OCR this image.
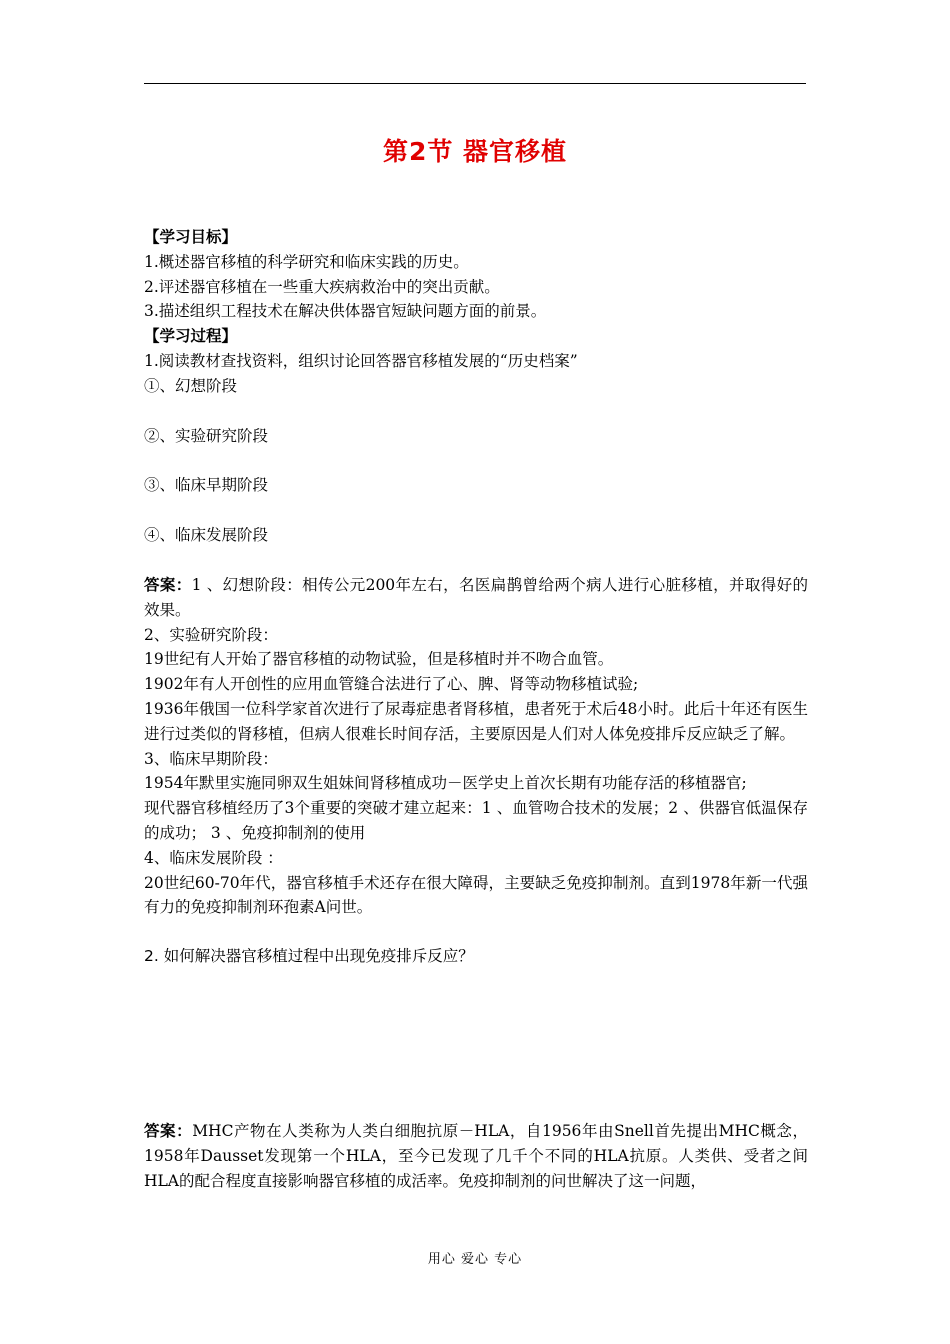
第2节 器官移植

【学习目标】

1.概述器官移植的科学研究和临床实践的历史。

2.评述器官移植在一些重大疾病救治中的突出贡献。

3.描述组织工程技术在解决供体器官短缺问题方面的前景。

【学习过程】

1.阅读教材查找资料，组织讨论回答器官移植发展的“历史档案”

①、幻想阶段

②、实验研究阶段

③、临床早期阶段

④、临床发展阶段

答案：1 、幻想阶段：相传公元200年左右，名医扁鹊曾给两个病人进行心脏移植，并取得好的效果。

2、实验研究阶段：

19世纪有人开始了器官移植的动物试验，但是移植时并不吻合血管。

1902年有人开创性的应用血管缝合法进行了心、脾、肾等动物移植试验;

1936年俄国一位科学家首次进行了尿毒症患者肾移植，患者死于术后48小时。此后十年还有医生进行过类似的肾移植，但病人很难长时间存活，主要原因是人们对人体免疫排斥反应缺乏了解。

3、临床早期阶段：

1954年默里实施同卵双生姐妹间肾移植成功－医学史上首次长期有功能存活的移植器官;

现代器官移植经历了3个重要的突破才建立起来：1 、血管吻合技术的发展；2 、供器官低温保存的成功； 3 、免疫抑制剂的使用

4、临床发展阶段 ：

20世纪60-70年代，器官移植手术还存在很大障碍，主要缺乏免疫抑制剂。直到1978年新一代强有力的免疫抑制剂环孢素A问世。

2. 如何解决器官移植过程中出现免疫排斥反应？

答案：MHC产物在人类称为人类白细胞抗原－HLA，自1956年由Snell首先提出MHC概念，1958年Dausset发现第一个HLA，至今已发现了几千个不同的HLA抗原。人类供、受者之间HLA的配合程度直接影响器官移植的成活率。免疫抑制剂的问世解决了这一问题，

用心 爱心 专心
